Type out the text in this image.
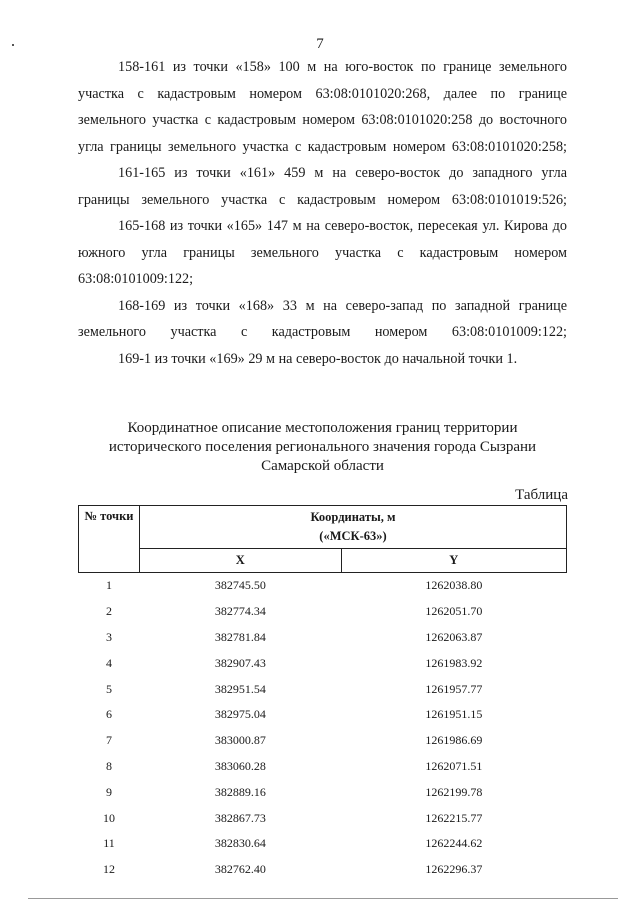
7

158-161 из точки «158» 100 м на юго-восток по границе земельного участка с кадастровым номером 63:08:0101020:268, далее по границе земельного участка с кадастровым номером 63:08:0101020:258 до восточного угла границы земельного участка с кадастровым номером 63:08:0101020:258;

161-165 из точки «161» 459 м на северо-восток до западного угла границы земельного участка с кадастровым номером 63:08:0101019:526;

165-168 из точки «165» 147 м на северо-восток, пересекая ул. Кирова до южного угла границы земельного участка с кадастровым номером 63:08:0101009:122;

168-169 из точки «168» 33 м на северо-запад по западной границе земельного участка с кадастровым номером 63:08:0101009:122;

169-1 из точки «169» 29 м на северо-восток до начальной точки 1.

Координатное описание местоположения границ территории
исторического поселения регионального значения города Сызрани
Самарской области
Таблица
№ точки	Координаты, м
(«МСК-63»)	

	X	Y
1	382745.50	1262038.80
2	382774.34	1262051.70
3	382781.84	1262063.87
4	382907.43	1261983.92
5	382951.54	1261957.77
6	382975.04	1261951.15
7	383000.87	1261986.69
8	383060.28	1262071.51
9	382889.16	1262199.78
10	382867.73	1262215.77
11	382830.64	1262244.62
12	382762.40	1262296.37
